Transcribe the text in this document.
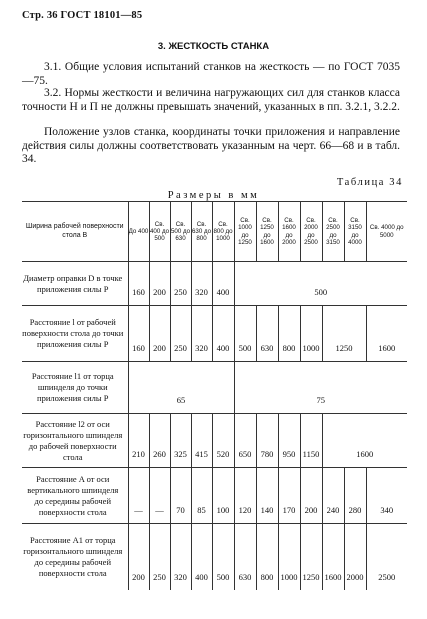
Стр. 36 ГОСТ 18101—85
3. ЖЕСТКОСТЬ СТАНКА
3.1. Общие условия испытаний станков на жесткость — по ГОСТ 7035—75.
3.2. Нормы жесткости и величина нагружающих сил для станков класса точности Н и П не должны превышать значений, указанных в пп. 3.2.1, 3.2.2.
Положение узлов станка, координаты точки приложения и направление действия силы должны соответствовать указанным на черт. 66—68 и в табл. 34.
Таблица 34
Размеры в мм
Ширина рабочей поверхности стола B	До 400	Св. 400 до 500	Св. 500 до 630	Св. 630 до 800	Св. 800 до 1000	Св. 1000 до 1250	Св. 1250 до 1600	Св. 1600 до 2000	Св. 2000 до 2500	Св. 2500 до 3150	Св. 3150 до 4000	Св. 4000 до 5000
Диаметр оправки D в точке приложения силы P	160	200	250	320	400	500						
Расстояние l от рабочей поверхности стола до точки приложения силы P	160	200	250	320	400	500	630	800	1000	1250		1600
Расстояние l1 от торца шпинделя до точки приложения силы P	65					75						
Расстояние l2 от оси горизонтального шпинделя до рабочей поверхности стола	210	260	325	415	520	650	780	950	1150	1600		
Расстояние A от оси вертикального шпинделя до середины рабочей поверхности стола	—	—	70	85	100	120	140	170	200	240	280	340
Расстояние A1 от торца горизонтального шпинделя до середины рабочей поверхности стола	200	250	320	400	500	630	800	1000	1250	1600	2000	2500
